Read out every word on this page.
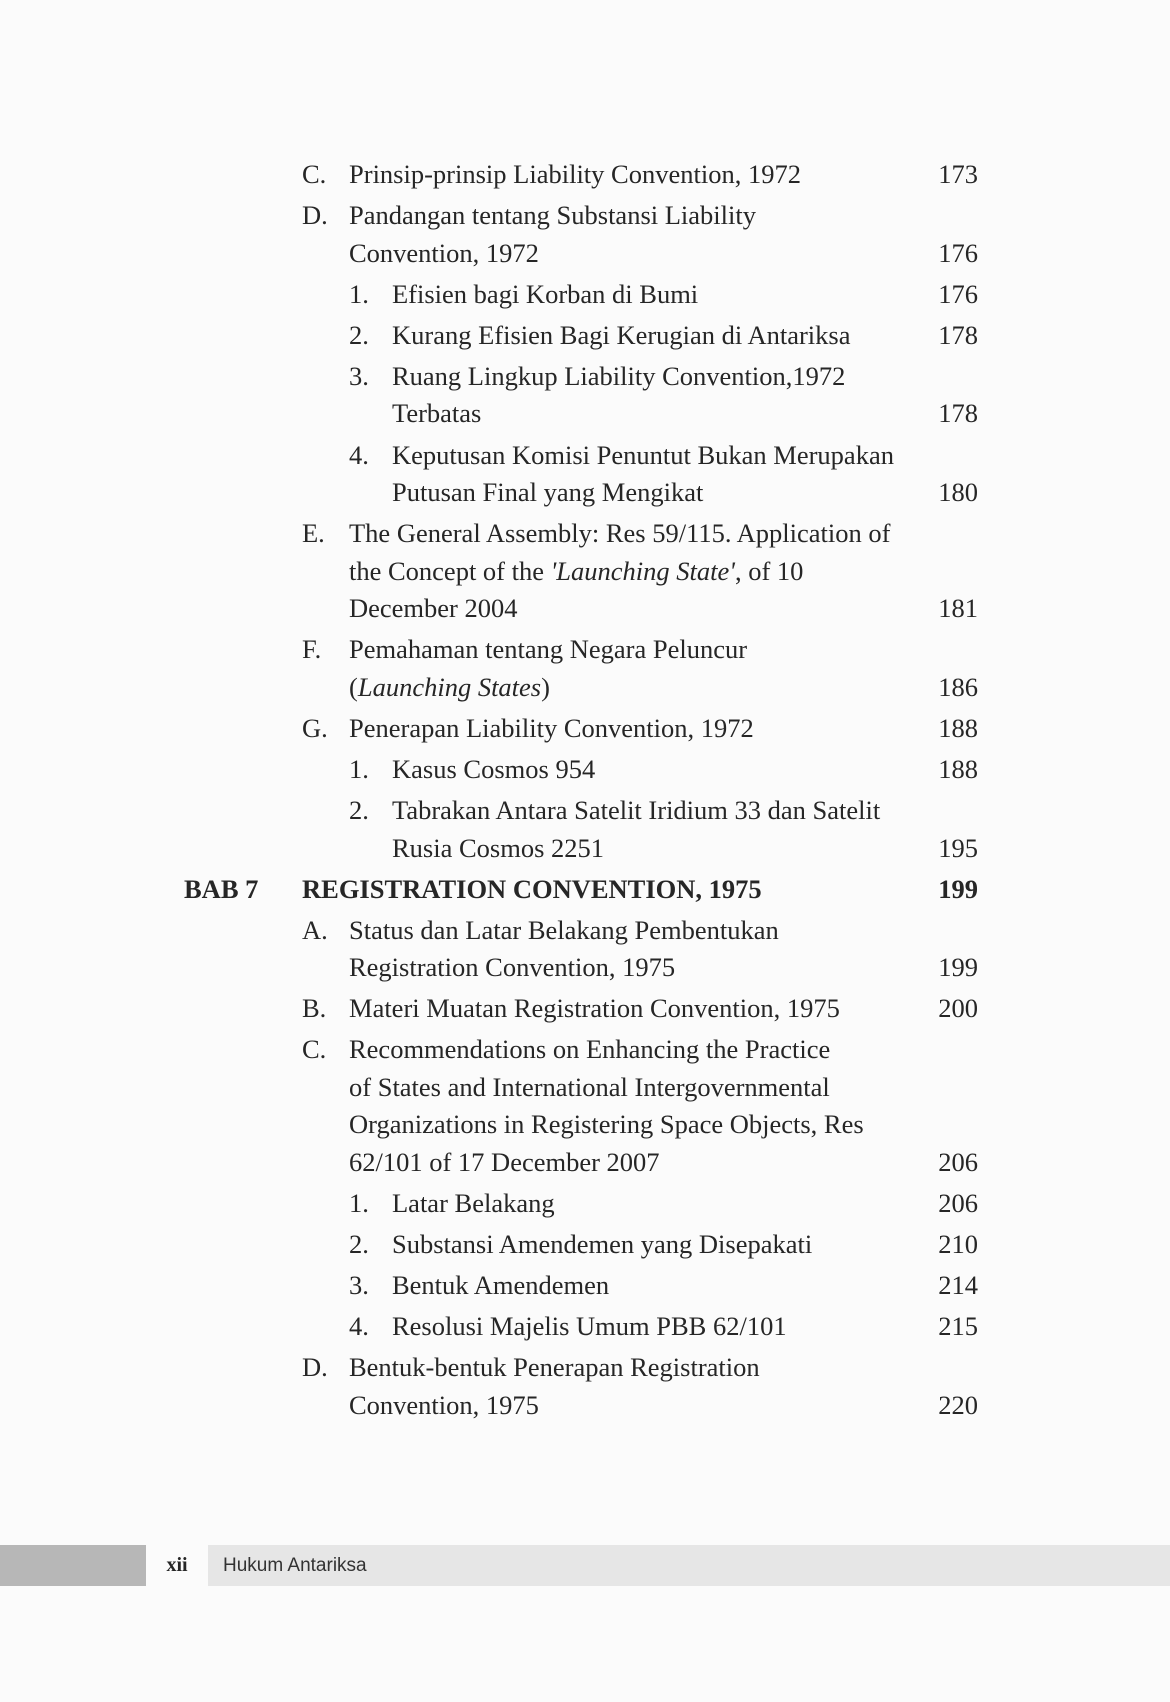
C. Prinsip-prinsip Liability Convention, 1972	173
D. Pandangan tentang Substansi Liability
Convention, 1972	176
1. Efisien bagi Korban di Bumi	176
2. Kurang Efisien Bagi Kerugian di Antariksa	178
3. Ruang Lingkup Liability Convention,1972
Terbatas	178
4. Keputusan Komisi Penuntut Bukan Merupakan
Putusan Final yang Mengikat	180
E. The General Assembly: Res 59/115. Application of
the Concept of the 'Launching State', of 10
December 2004	181
F. Pemahaman tentang Negara Peluncur
(Launching States)	186
G. Penerapan Liability Convention, 1972	188
1. Kasus Cosmos 954	188
2. Tabrakan Antara Satelit Iridium 33 dan Satelit
Rusia Cosmos 2251	195
BAB 7 REGISTRATION CONVENTION, 1975	199
A. Status dan Latar Belakang Pembentukan
Registration Convention, 1975	199
B. Materi Muatan Registration Convention, 1975	200
C. Recommendations on Enhancing the Practice
of States and International Intergovernmental
Organizations in Registering Space Objects, Res
62/101 of 17 December 2007	206
1. Latar Belakang	206
2. Substansi Amendemen yang Disepakati	210
3. Bentuk Amendemen	214
4. Resolusi Majelis Umum PBB 62/101	215
D. Bentuk-bentuk Penerapan Registration
Convention, 1975	220
xii	Hukum Antariksa
